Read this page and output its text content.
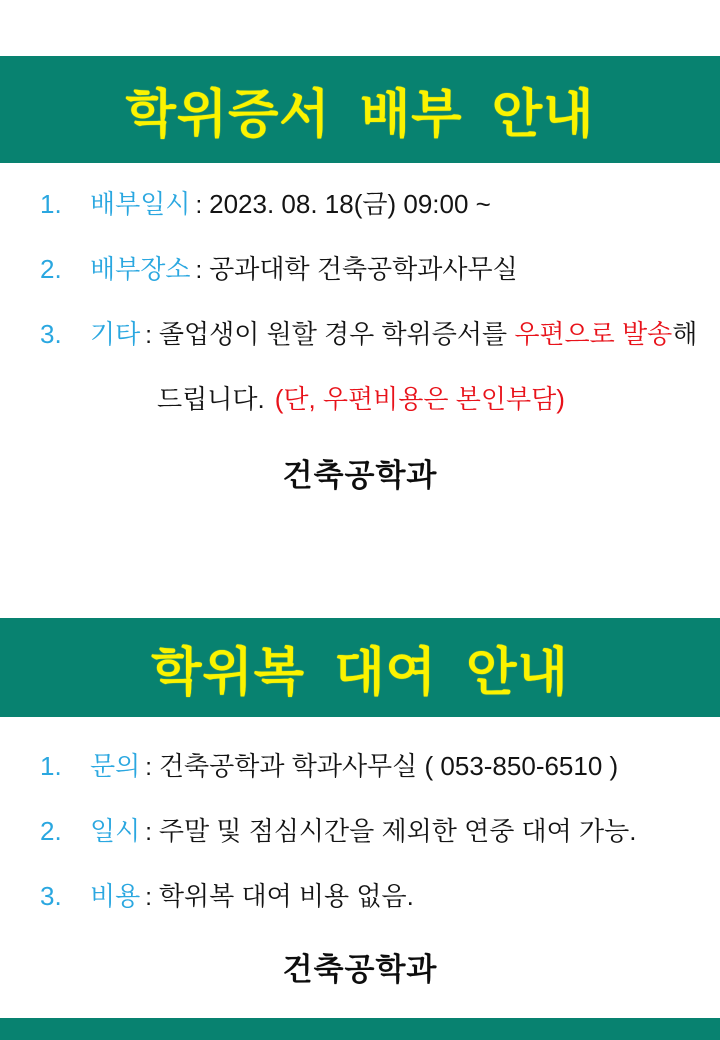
학위증서 배부 안내
1. 배부일시 : 2023. 08. 18(금) 09:00 ~
2. 배부장소 : 공과대학 건축공학과사무실
3. 기타 : 졸업생이 원할 경우 학위증서를 우편으로 발송해
드립니다. (단, 우편비용은 본인부담)
건축공학과
학위복 대여 안내
1. 문의 : 건축공학과 학과사무실 ( 053-850-6510 )
2. 일시 : 주말 및 점심시간을 제외한 연중 대여 가능.
3. 비용 : 학위복 대여 비용 없음.
건축공학과
